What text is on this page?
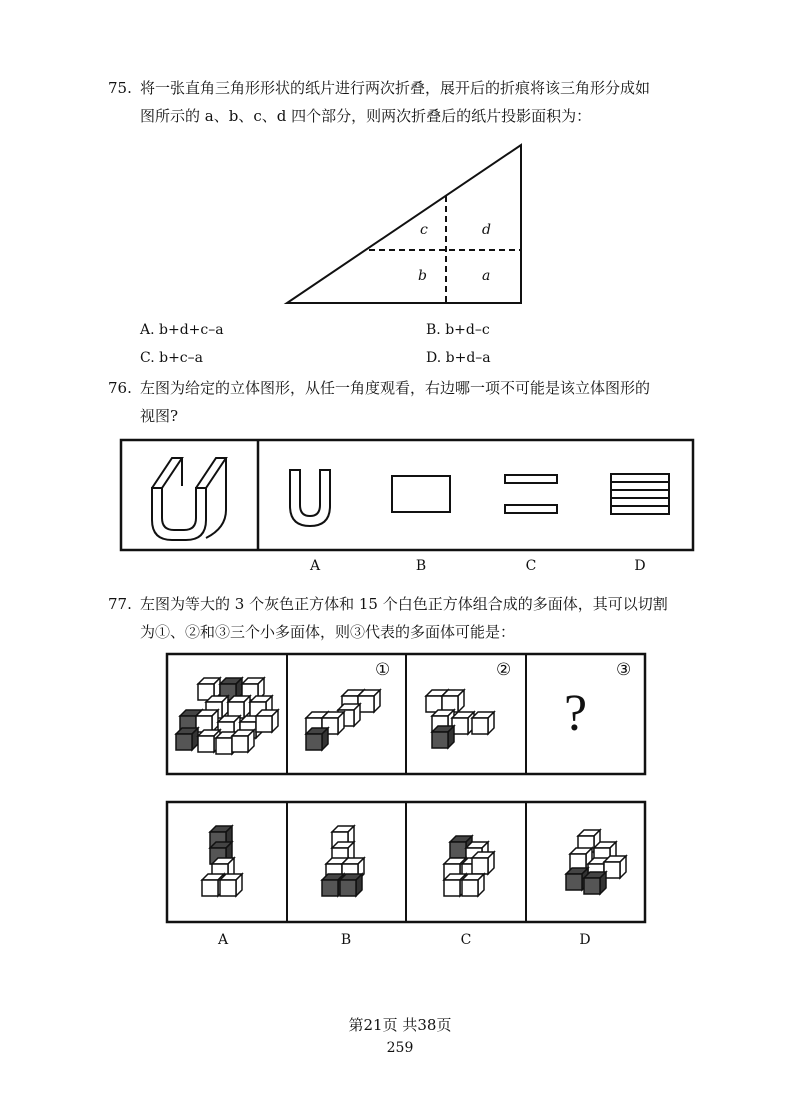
75. 将一张直角三角形形状的纸片进行两次折叠，展开后的折痕将该三角形分成如
图所示的 a、b、c、d 四个部分，则两次折叠后的纸片投影面积为：
c	d
b	a
A. b+d+c–a	B. b+d–c
C. b+c–a	D. b+d–a
76. 左图为给定的立体图形，从任一角度观看，右边哪一项不可能是该立体图形的
视图?
A	B	C	D
77. 左图为等大的 3 个灰色正方体和 15 个白色正方体组合成的多面体，其可以切割
为①、②和③三个小多面体，则③代表的多面体可能是：
①	②	③
?
A	B	C	D
第21页 共38页
259
